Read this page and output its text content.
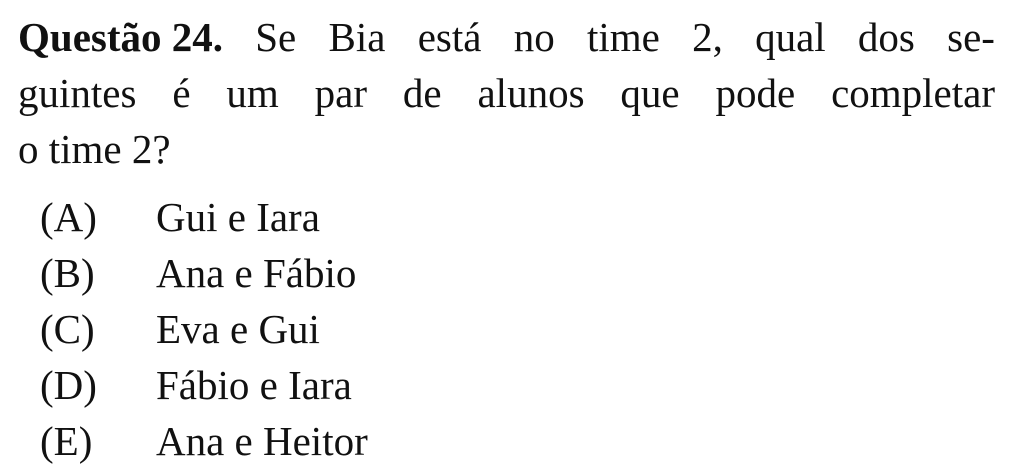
Questão 24. Se Bia está no time 2, qual dos se-
guintes é um par de alunos que pode completar
o time 2?
(A) Gui e Iara
(B) Ana e Fábio
(C) Eva e Gui
(D) Fábio e Iara
(E) Ana e Heitor
